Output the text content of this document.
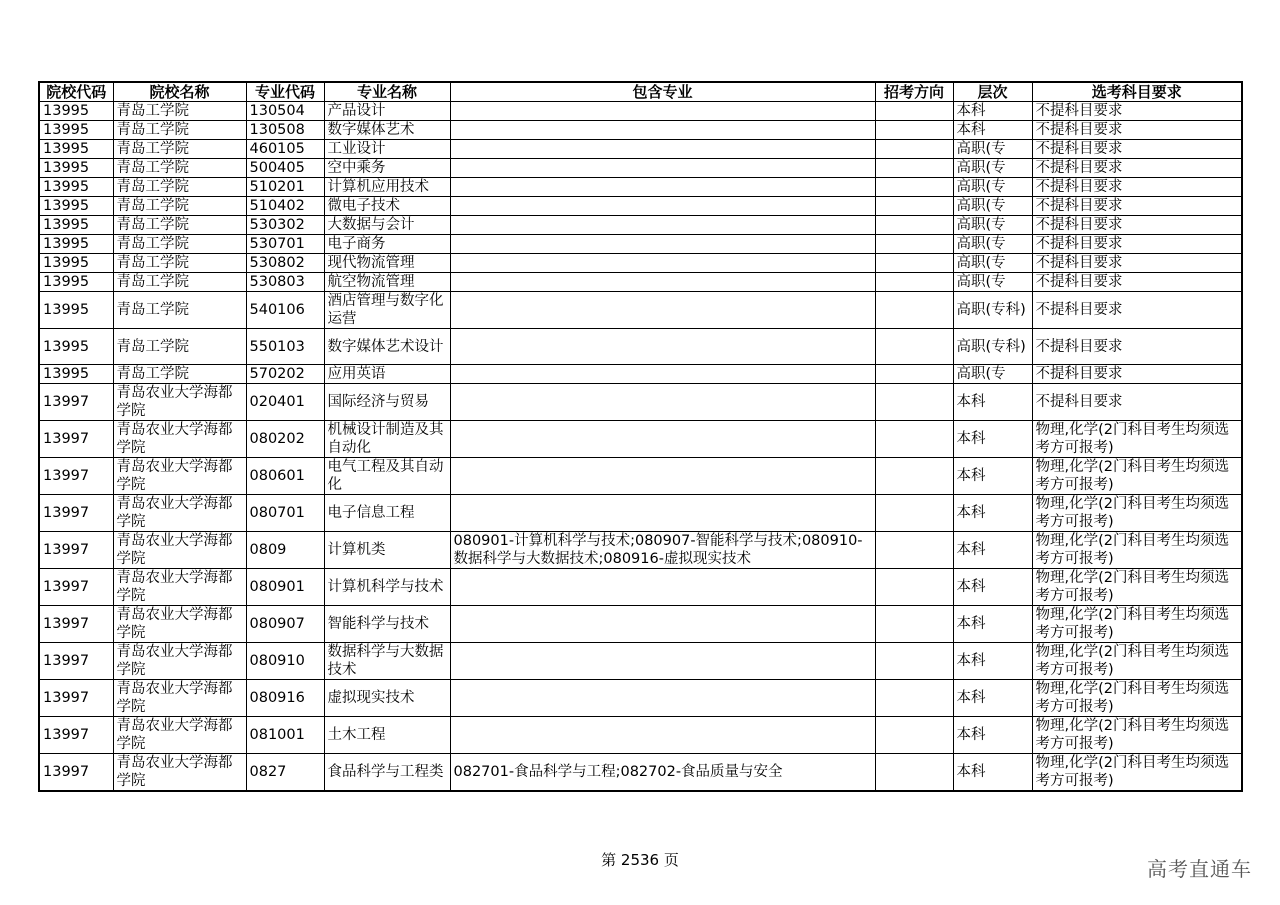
院校代码	院校名称	专业代码	专业名称	包含专业	招考方向	层次	选考科目要求
13995	青岛工学院	130504	产品设计			本科	不提科目要求
13995	青岛工学院	130508	数字媒体艺术			本科	不提科目要求
13995	青岛工学院	460105	工业设计			高职(专	不提科目要求
13995	青岛工学院	500405	空中乘务			高职(专	不提科目要求
13995	青岛工学院	510201	计算机应用技术			高职(专	不提科目要求
13995	青岛工学院	510402	微电子技术			高职(专	不提科目要求
13995	青岛工学院	530302	大数据与会计			高职(专	不提科目要求
13995	青岛工学院	530701	电子商务			高职(专	不提科目要求
13995	青岛工学院	530802	现代物流管理			高职(专	不提科目要求
13995	青岛工学院	530803	航空物流管理			高职(专	不提科目要求
13995	青岛工学院	540106	酒店管理与数字化运营			高职(专科)	不提科目要求
13995	青岛工学院	550103	数字媒体艺术设计			高职(专科)	不提科目要求
13995	青岛工学院	570202	应用英语			高职(专	不提科目要求
13997	青岛农业大学海都学院	020401	国际经济与贸易			本科	不提科目要求
13997	青岛农业大学海都学院	080202	机械设计制造及其自动化			本科	物理,化学(2门科目考生均须选考方可报考)
13997	青岛农业大学海都学院	080601	电气工程及其自动化			本科	物理,化学(2门科目考生均须选考方可报考)
13997	青岛农业大学海都学院	080701	电子信息工程			本科	物理,化学(2门科目考生均须选考方可报考)
13997	青岛农业大学海都学院	0809	计算机类	080901-计算机科学与技术;080907-智能科学与技术;080910-数据科学与大数据技术;080916-虚拟现实技术		本科	物理,化学(2门科目考生均须选考方可报考)
13997	青岛农业大学海都学院	080901	计算机科学与技术			本科	物理,化学(2门科目考生均须选考方可报考)
13997	青岛农业大学海都学院	080907	智能科学与技术			本科	物理,化学(2门科目考生均须选考方可报考)
13997	青岛农业大学海都学院	080910	数据科学与大数据技术			本科	物理,化学(2门科目考生均须选考方可报考)
13997	青岛农业大学海都学院	080916	虚拟现实技术			本科	物理,化学(2门科目考生均须选考方可报考)
13997	青岛农业大学海都学院	081001	土木工程			本科	物理,化学(2门科目考生均须选考方可报考)
13997	青岛农业大学海都学院	0827	食品科学与工程类	082701-食品科学与工程;082702-食品质量与安全		本科	物理,化学(2门科目考生均须选考方可报考)
第 2536 页	高考直通车
